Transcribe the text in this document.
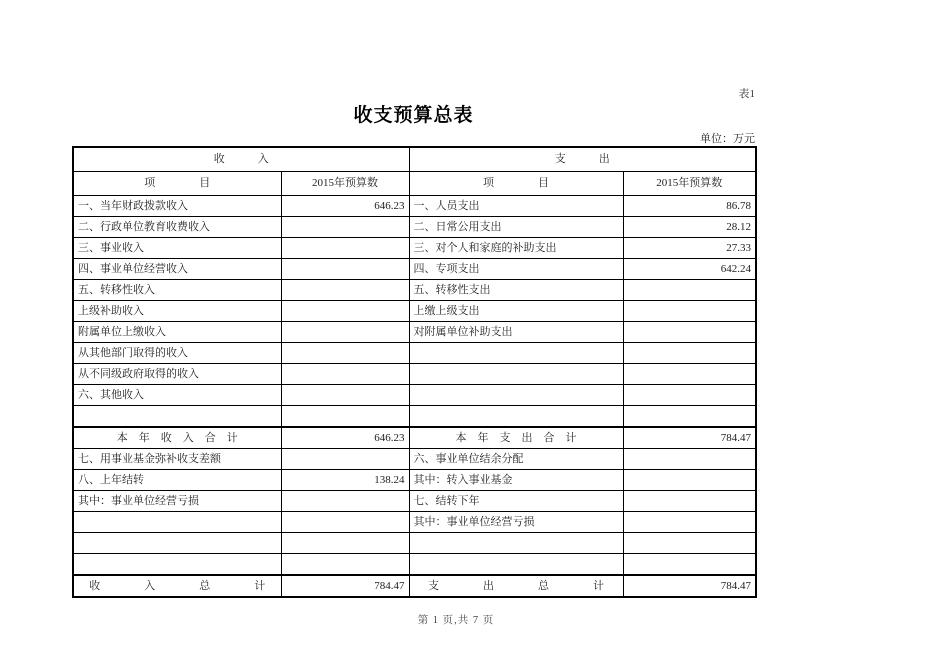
表1
收支预算总表
单位：万元
收　　　入		支　　　出	
项　　　　目	2015年预算数	项　　　　目	2015年预算数
一、当年财政拨款收入	646.23	一、人员支出	86.78
二、行政单位教育收费收入		二、日常公用支出	28.12
三、事业收入		三、对个人和家庭的补助支出	27.33
四、事业单位经营收入		四、专项支出	642.24
五、转移性收入		五、转移性支出	
上级补助收入		上缴上级支出	
附属单位上缴收入		对附属单位补助支出	
从其他部门取得的收入			
从不同级政府取得的收入			
六、其他收入			

本　年　收　入　合　计	646.23	本　年　支　出　合　计	784.47
七、用事业基金弥补收支差额		六、事业单位结余分配	
八、上年结转	138.24	其中：转入事业基金	
其中：事业单位经营亏损		七、结转下年	
		其中：事业单位经营亏损	

收　　　　入　　　　总　　　　计	784.47	支　　　　出　　　　总　　　　计	784.47
第 1 页,共 7 页
